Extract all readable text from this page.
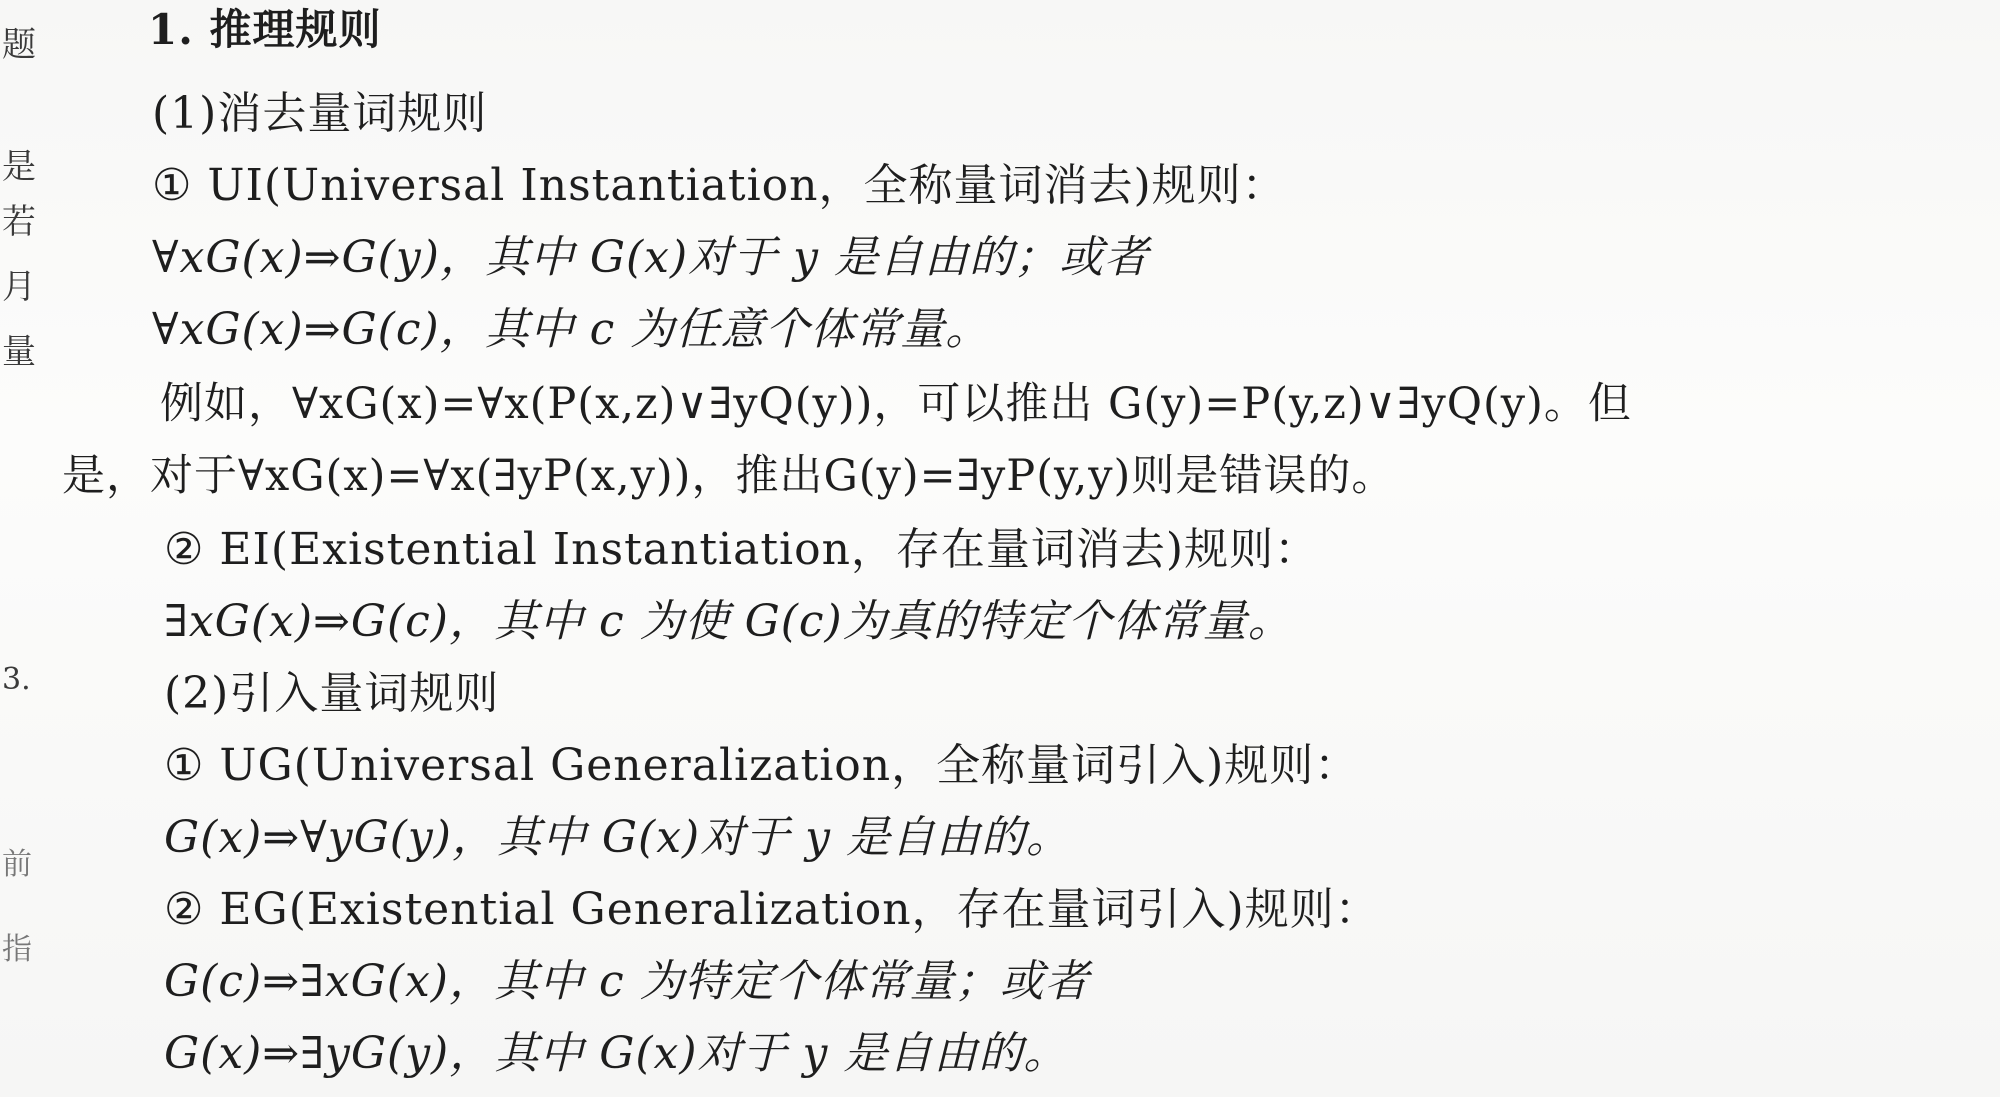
题
是
若
月
量
3.
前
指
1. 推理规则
(1)消去量词规则
① UI(Universal Instantiation，全称量词消去)规则：
∀xG(x)⇒G(y)，其中 G(x)对于 y 是自由的；或者
∀xG(x)⇒G(c)，其中 c 为任意个体常量。
例如，∀xG(x)=∀x(P(x,z)∨∃yQ(y))，可以推出 G(y)=P(y,z)∨∃yQ(y)。但
是，对于∀xG(x)=∀x(∃yP(x,y))，推出G(y)=∃yP(y,y)则是错误的。
② EI(Existential Instantiation，存在量词消去)规则：
∃xG(x)⇒G(c)，其中 c 为使 G(c)为真的特定个体常量。
(2)引入量词规则
① UG(Universal Generalization，全称量词引入)规则：
G(x)⇒∀yG(y)，其中 G(x)对于 y 是自由的。
② EG(Existential Generalization，存在量词引入)规则：
G(c)⇒∃xG(x)，其中 c 为特定个体常量；或者
G(x)⇒∃yG(y)，其中 G(x)对于 y 是自由的。
